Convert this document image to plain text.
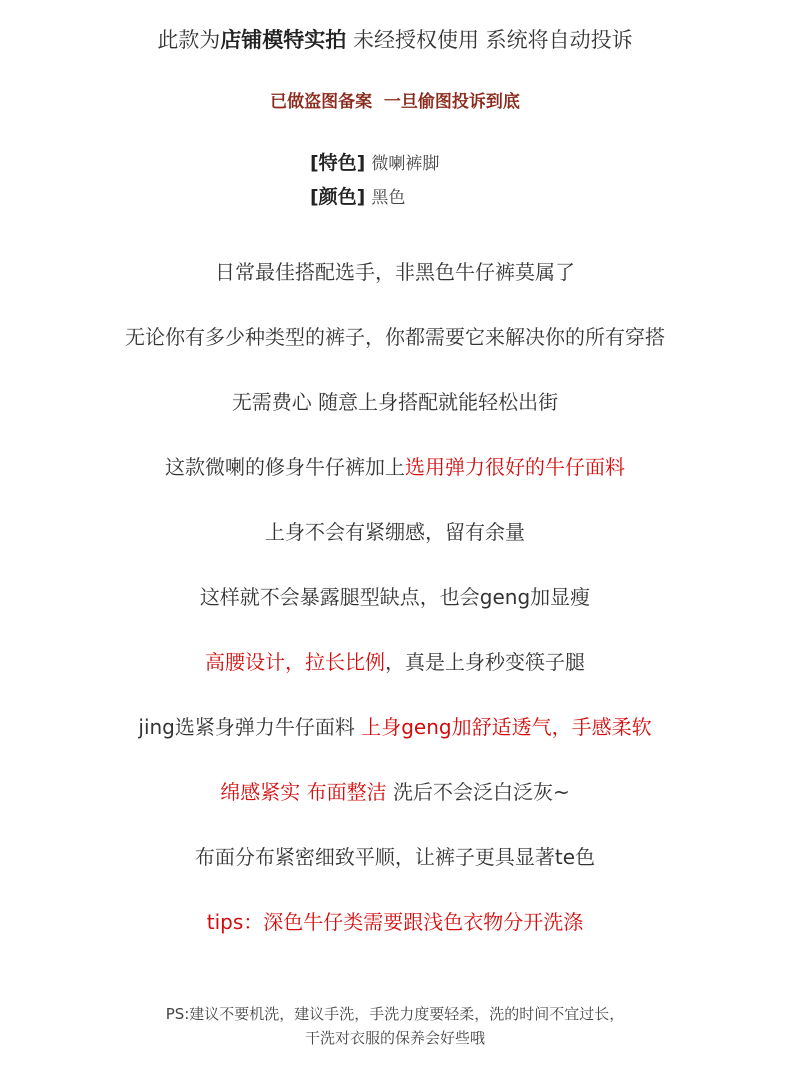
此款为店铺模特实拍 未经授权使用 系统将自动投诉
已做盗图备案  一旦偷图投诉到底
[特色] 微喇裤脚
[颜色] 黑色
日常最佳搭配选手，非黑色牛仔裤莫属了
无论你有多少种类型的裤子，你都需要它来解决你的所有穿搭
无需费心 随意上身搭配就能轻松出街
这款微喇的修身牛仔裤加上选用弹力很好的牛仔面料
上身不会有紧绷感，留有余量
这样就不会暴露腿型缺点，也会geng加显瘦
高腰设计，拉长比例，真是上身秒变筷子腿
jing选紧身弹力牛仔面料 上身geng加舒适透气，手感柔软
绵感紧实 布面整洁 洗后不会泛白泛灰~
布面分布紧密细致平顺，让裤子更具显著te色
tips：深色牛仔类需要跟浅色衣物分开洗涤
PS:建议不要机洗，建议手洗，手洗力度要轻柔，洗的时间不宜过长，
干洗对衣服的保养会好些哦
